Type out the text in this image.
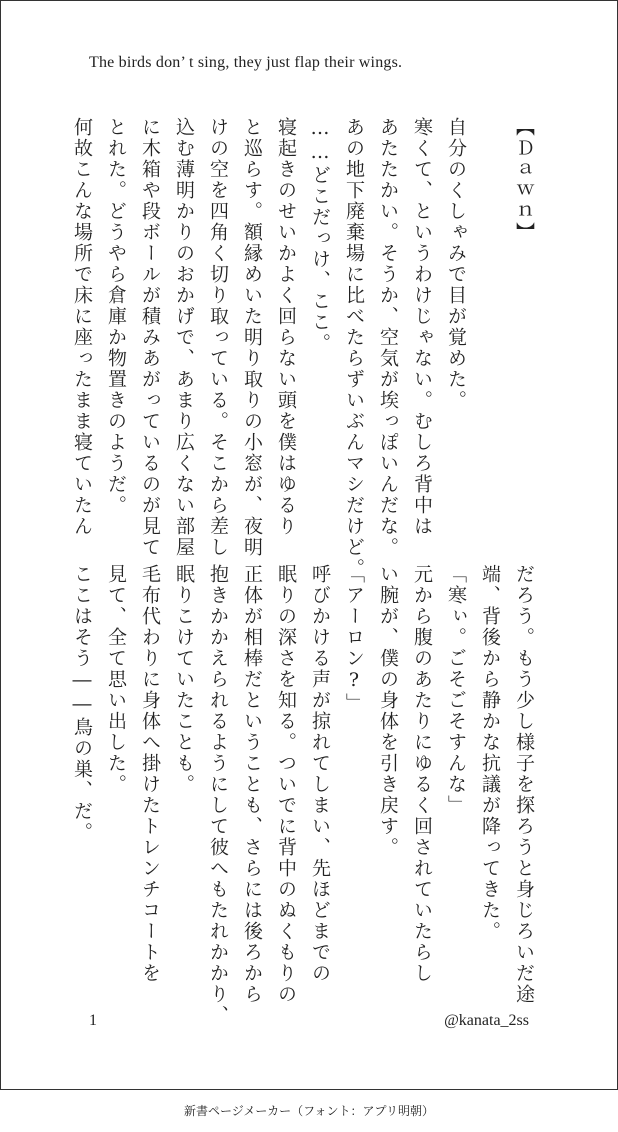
The birds don’ t sing, they just flap their wings.
【Ｄａｗｎ】

自分のくしゃみで目が覚めた。
寒くて、というわけじゃない。むしろ背中は
あたたかい。そうか、空気が埃っぽいんだな。
あの地下廃棄場に比べたらずいぶんマシだけど。
……どこだっけ、ここ。
寝起きのせいかよく回らない頭を僕はゆるり
と巡らす。額縁めいた明り取りの小窓が、夜明
けの空を四角く切り取っている。そこから差し
込む薄明かりのおかげで、あまり広くない部屋
に木箱や段ボールが積みあがっているのが見て
とれた。どうやら倉庫か物置きのようだ。
何故こんな場所で床に座ったまま寝ていたん
だろう。もう少し様子を探ろうと身じろいだ途
端、背後から静かな抗議が降ってきた。
「寒ぃ。ごそごそすんな」
元から腹のあたりにゆるく回されていたらし
い腕が、僕の身体を引き戻す。
「アーロン?」
呼びかける声が掠れてしまい、先ほどまでの
眠りの深さを知る。ついでに背中のぬくもりの
正体が相棒だということも、さらには後ろから
抱きかかえられるようにして彼へもたれかかり、
眠りこけていたことも。
毛布代わりに身体へ掛けたトレンチコートを
見て、全て思い出した。
ここはそう――鳥の巣、だ。
1	@kanata_2ss
新書ページメーカー（フォント：アプリ明朝）
